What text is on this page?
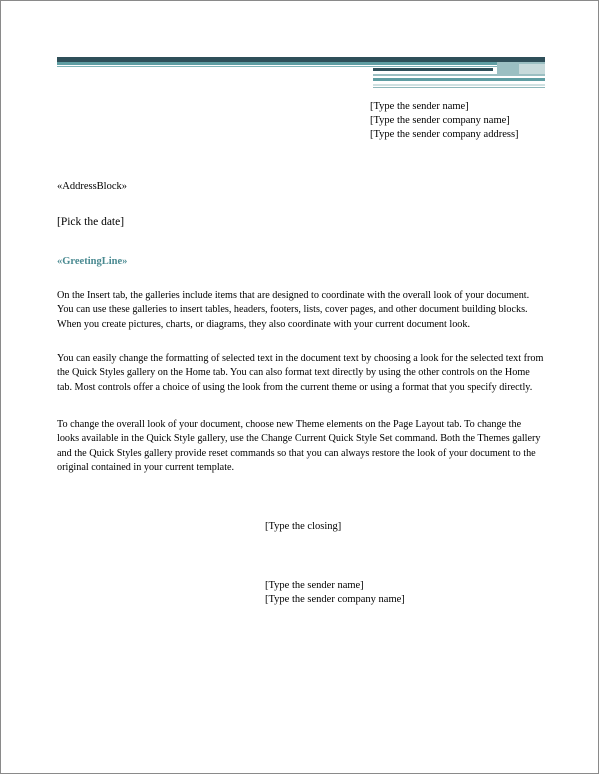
[Type the sender name]
[Type the sender company name]
[Type the sender company address]
«AddressBlock»
[Pick the date]
«GreetingLine»
On the Insert tab, the galleries include items that are designed to coordinate with the overall look of your document. You can use these galleries to insert tables, headers, footers, lists, cover pages, and other document building blocks. When you create pictures, charts, or diagrams, they also coordinate with your current document look.
You can easily change the formatting of selected text in the document text by choosing a look for the selected text from the Quick Styles gallery on the Home tab. You can also format text directly by using the other controls on the Home tab. Most controls offer a choice of using the look from the current theme or using a format that you specify directly.
To change the overall look of your document, choose new Theme elements on the Page Layout tab. To change the looks available in the Quick Style gallery, use the Change Current Quick Style Set command. Both the Themes gallery and the Quick Styles gallery provide reset commands so that you can always restore the look of your document to the original contained in your current template.
[Type the closing]
[Type the sender name]
[Type the sender company name]
